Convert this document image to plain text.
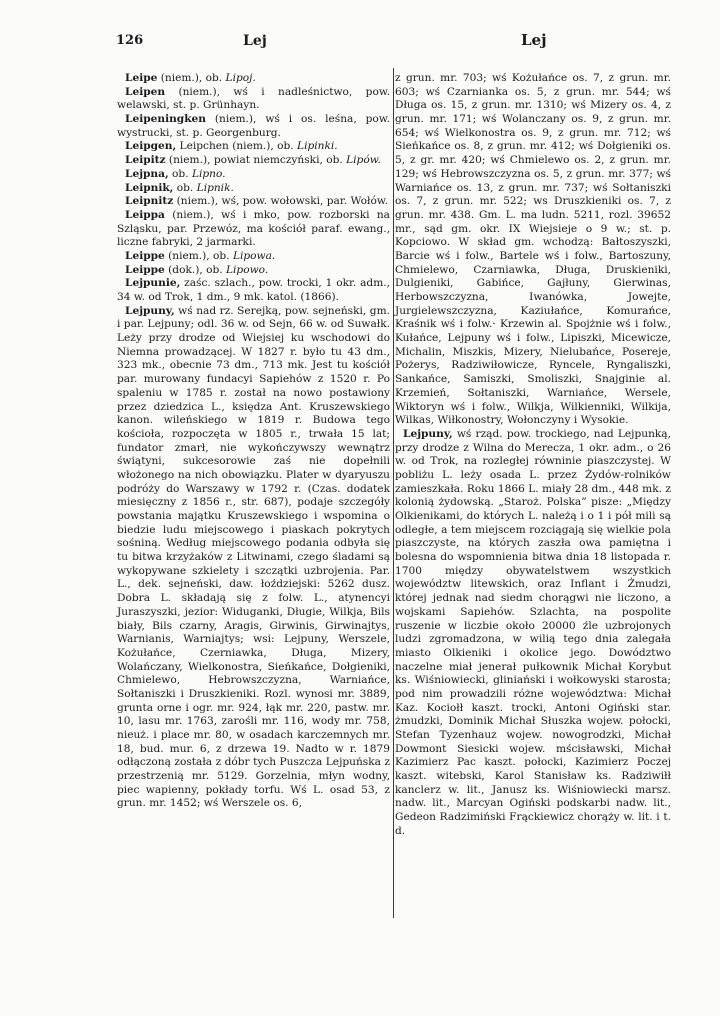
126	Lej	Lej

Leipe (niem.), ob. Lipoj.

Leipen (niem.), wś i nadleśnictwo, pow. welawski, st. p. Grünhayn.

Leipeningken (niem.), wś i os. leśna, pow. wystrucki, st. p. Georgenburg.

Leipgen, Leipchen (niem.), ob. Lipinki.

Leipitz (niem.), powiat niemczyński, ob. Lipów.

Lejpna, ob. Lipno.

Leipnik, ob. Lipnik.

Leipnitz (niem.), wś, pow. wołowski, par. Wołów.

Leippa (niem.), wś i mko, pow. rozborski na Szląsku, par. Przewóz, ma kościół paraf. ewang., liczne fabryki, 2 jarmarki.

Leippe (niem.), ob. Lipowa.

Leippe (dok.), ob. Lipowo.

Lejpunie, zaśc. szlach., pow. trocki, 1 okr. adm., 34 w. od Trok, 1 dm., 9 mk. katol. (1866).

Lejpuny, wś nad rz. Serejką, pow. sejneński, gm. i par. Lejpuny; odl. 36 w. od Sejn, 66 w. od Suwałk. Leży przy drodze od Wiejsiej ku wschodowi do Niemna prowadzącej. W 1827 r. było tu 43 dm., 323 mk., obecnie 73 dm., 713 mk. Jest tu kościół par. murowany fundacyi Sapiehów z 1520 r. Po spaleniu w 1785 r. został na nowo postawiony przez dziedzica L., księdza Ant. Kruszewskiego kanon. wileńskiego w 1819 r. Budowa tego kościoła, rozpoczęta w 1805 r., trwała 15 lat; fundator zmarł, nie wykończywszy wewnątrz świątyni, sukcesorowie zaś nie dopełnili włożonego na nich obowiązku. Plater w dyaryuszu podróży do Warszawy w 1792 r. (Czas. dodatek miesięczny z 1856 r., str. 687), podaje szczegóły powstania majątku Kruszewskiego i wspomina o biedzie ludu miejscowego i piaskach pokrytych sośniną. Według miejscowego podania odbyła się tu bitwa krzyżaków z Litwinami, czego śladami są wykopywane szkielety i szczątki uzbrojenia. Par. L., dek. sejneński, daw. łoździejski: 5262 dusz. Dobra L. składają się z folw. L., atynencyi Juraszyszki, jezior: Widuganki, Długie, Wilkja, Bils biały, Bils czarny, Aragis, Girwinis, Girwinajtys, Warnianis, Warniajtys; wsi: Lejpuny, Werszele, Kożułańce, Czerniawka, Długa, Mizery, Wolańczany, Wielkonostra, Sieńkańce, Dołgieniki, Chmielewo, Hebrowszczyzna, Warniańce, Sołtaniszki i Druszkieniki. Rozl. wynosi mr. 3889, grunta orne i ogr. mr. 924, łąk mr. 220, pastw. mr. 10, lasu mr. 1763, zarośli mr. 116, wody mr. 758, nieuż. i place mr. 80, w osadach karczemnych mr. 18, bud. mur. 6, z drzewa 19. Nadto w r. 1879 odłączoną została z dóbr tych Puszcza Lejpuńska z przestrzenią mr. 5129. Gorzelnia, młyn wodny, piec wapienny, pokłady torfu. Wś L. osad 53, z grun. mr. 1452; wś Werszele os. 6,

z grun. mr. 703; wś Kożułańce os. 7, z grun. mr. 603; wś Czarnianka os. 5, z grun. mr. 544; wś Długa os. 15, z grun. mr. 1310; wś Mizery os. 4, z grun. mr. 171; wś Wolanczany os. 9, z grun. mr. 654; wś Wielkonostra os. 9, z grun. mr. 712; wś Sieńkańce os. 8, z grun. mr. 412; wś Dołgieniki os. 5, z gr. mr. 420; wś Chmielewo os. 2, z grun. mr. 129; wś Hebrowszczyzna os. 5, z grun. mr. 377; wś Warniańce os. 13, z grun. mr. 737; wś Sołtaniszki os. 7, z grun. mr. 522; ws Druszkieniki os. 7, z grun. mr. 438. Gm. L. ma ludn. 5211, rozl. 39652 mr., sąd gm. okr. IX Wiejsieje o 9 w.; st. p. Kopciowo. W skład gm. wchodzą: Bałtoszyszki, Barcie wś i folw., Bartele wś i folw., Bartoszuny, Chmielewo, Czarniawka, Długa, Druskieniki, Dulgieniki, Gabińce, Gajłuny, Gierwinas, Herbowszczyzna, Iwanówka, Jowejte, Jurgielewszczyzna, Kaziułańce, Komurańce, Kraśnik wś i folw.· Krzewin al. Spojżnie wś i folw., Kułańce, Lejpuny wś i folw., Lipiszki, Micewicze, Michalin, Miszkis, Mizery, Nielubańce, Posereje, Pożerys, Radziwiłowicze, Ryncele, Ryngaliszki, Sankańce, Samiszki, Smoliszki, Snajginie al. Krzemień, Sołtaniszki, Warniańce, Wersele, Wiktoryn wś i folw., Wilkja, Wilkienniki, Wilkija, Wilkas, Wiłkonostry, Wołonczyny i Wysokie.

Lejpuny, wś rząd. pow. trockiego, nad Lejpunką, przy drodze z Wilna do Merecza, 1 okr. adm., o 26 w. od Trok, na rozległej równinie piaszczystej. W pobliżu L. leży osada L. przez Żydów-rolników zamieszkała. Roku 1866 L. miały 28 dm., 448 mk. z kolonią żydowską. „Staroż. Polska” pisze: „Między Olkienikami, do których L. należą i o 1 i pół mili są odległe, a tem miejscem rozciągają się wielkie pola piaszczyste, na których zaszła owa pamiętna i bolesna do wspomnienia bitwa dnia 18 listopada r. 1700 między obywatelstwem wszystkich województw litewskich, oraz Inflant i Żmudzi, której jednak nad siedm chorągwi nie liczono, a wojskami Sapiehów. Szlachta, na pospolite ruszenie w liczbie około 20000 źle uzbrojonych ludzi zgromadzona, w wilią tego dnia zalegała miasto Olkieniki i okolice jego. Dowództwo naczelne miał jenerał pułkownik Michał Korybut ks. Wiśniowiecki, gliniański i wołkowyski starosta; pod nim prowadzili różne województwa: Michał Kaz. Kociołł kaszt. trocki, Antoni Ogiński star. żmudzki, Dominik Michał Słuszka wojew. połocki, Stefan Tyzenhauz wojew. nowogrodzki, Michał Dowmont Siesicki wojew. mścisławski, Michał Kazimierz Pac kaszt. połocki, Kazimierz Poczej kaszt. witebski, Karol Stanisław ks. Radziwiłł kanclerz w. lit., Janusz ks. Wiśniowiecki marsz. nadw. lit., Marcyan Ogiński podskarbi nadw. lit., Gedeon Radzimiński Frąckiewicz chorąży w. lit. i t. d.
